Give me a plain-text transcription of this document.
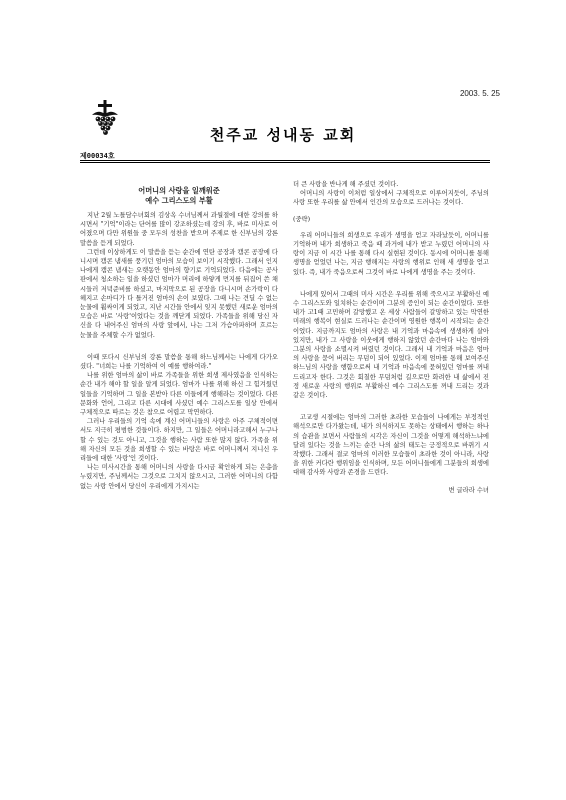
2003. 5. 25
천주교 성내동 교회
제00034호
어머니의 사랑을 일깨워준
예수 그리스도의 부활

지난 2월 노틀담수녀회의 김상옥 수녀님께서 과월절에 대한 강의를 하시면서 "기억"이라는 단어를 많이 강조하셨는데 강의 후, 바로 미사로 이어졌으며 다만 위원들 중 모두의 성찬을 받으며 주제로 한 신부님의 강론 말씀을 듣게 되었다.

그런데 이상하게도 이 말씀을 듣는 순간에 연탄 공장과 캠콘 공장에 다니시며 캠콘 냄새를 풍기던 엄마의 모습이 보이기 시작했다. 그래서 인지 나에게 캠콘 냄새는 오랫동안 엄마의 향기로 기억되었다. 다음에는 공사판에서 청소하는 일을 하셨던 엄마가 머리에 하얗게 먼지를 뒤집어 쓴 채 시들러 저녁준비를 하셨고, 마지막으로 된 공장을 다니시며 손가락이 다 헤지고 손마디가 다 틀거진 엄마의 손이 보였다. 그때 나는 견딜 수 없는 눈물에 휩싸이게 되었고, 지난 시간들 안에서 잊지 못했던 새로운 엄마의 모습은 바로 '사랑'이었다는 것을 깨닫게 되었다. 가족들을 위해 당신 자신을 다 내어주신 엄마의 사랑 앞에서, 나는 그저 가슴아파하며 흐르는 눈물을 주체할 수가 없었다.

이때 또다시 신부님의 강론 말씀을 통해 하느님께서는 나에게 다가오셨다. "너희는 나를 기억하여 이 예를 행하여라."

나를 위한 엄마의 삶이 바로 가족들을 위한 희생 제사였음을 인식하는 순간 내가 해야 할 일을 알게 되었다. 엄마가 나를 위해 하신 그 힘겨웠던 일들을 기억하며 그 일을 본받아 다른 이들에게 행해라는 것이었다. 다른 문화와 언어, 그리고 다른 시대에 사셨던 예수 그리스도를 일상 안에서 구체적으로 따르는 것은 참으로 어렵고 막연하다.

그러나 우리들의 기억 속에 계신 어머니들의 사랑은 아주 구체적이면서도 지극히 평범한 것들이다. 하지만, 그 일들은 어머니라고해서 누구나 할 수 있는 것도 아니고, 그것을 행하는 사람 또한 많지 않다. 가족을 위해 자신의 모든 것을 희생할 수 있는 바탕은 바로 어머니께서 지니신 우리들에 대한 '사랑'인 것이다.

나는 미사시간을 통해 어머니의 사랑을 다시금 확인하게 되는 은총을 누렸지만, 주님께서는 그것으로 그치지 않으시고, 그러한 어머니의 다함없는 사랑 안에서 당신이 우리에게 가지시는

더 큰 사랑을 반나게 해 주셨던 것이다.

어머니의 사랑이 이처럼 일상에서 구체적으로 이루어지듯이, 주님의 사랑 또한 우리를 삶 안에서 인간의 모습으로 드러나는 것이다.

(중략)

우리 어머니들의 희생으로 우리가 생명을 얻고 자라났듯이, 어머니를 기억하며 내가 희생하고 죽음 때 과거에 내가 받고 누렸던 어머니의 사랑이 지금 이 시간 나를 통해 다시 실현된 것이다. 동시에 어머니를 통해 생명을 얻었던 나는, 지금 행해지는 사랑의 행위로 인해 새 생명을 얻고 있다. 즉, 내가 죽음으로써 그것이 바로 나에게 생명을 주는 것이다.

나에게 있어서 그때의 미사 시간은 우리를 위해 죽으시고 부활하신 예수 그리스도와 일치하는 순간이며 그분의 증인이 되는 순간이었다. 또한 내가 고1때 고민하며 갈망했고 온 세상 사람들이 갈망하고 있는 막연한 미래의 행복이 현실로 드러나는 순간이며 영원한 행복이 시작되는 순간이었다. 지금까지도 엄마의 사랑은 내 기억과 마음속에 생생하게 살아 있지만, 내가 그 사랑을 이웃에게 행하지 않았던 순간마다 나는 엄마와 그분의 사랑을 소멸시켜 버렸던 것이다. 그래서 내 기억과 마음은 엄마의 사랑을 묻어 버리는 무덤이 되어 있었다. 이제 엄마를 통해 보여주신 하느님의 사랑을 행함으로써 내 기억과 마음속에 묻혀있던 엄마를 꺼내 드리고자 한다. 그것은 회칠한 무덤처럼 길으로만 화려한 내 삶에서 진정 새로운 사랑의 행위로 부활하신 예수 그리스도를 꺼내 드리는 것과 같은 것이다.

고교생 시절에는 엄마의 그러한 초라한 모습들이 나에게는 부정적인 해석으로만 다가왔는데, 내가 의식하지도 못하는 상태에서 행하는 하나의 습관을 보면서 사람들의 시각은 자신이 그것을 어떻게 해석하느냐에 달려 있다는 것을 느끼는 순간 나의 삶의 태도는 긍정적으로 바뀌기 시작했다. 그래서 결코 엄마의 이러한 모습들이 초라한 것이 아니라, 사랑을 위한 커다란 행위임을 인식하며, 모든 어머니들에게 그분들의 희생에 대해 감사와 사랑과 존경을 드린다.

변 글라라 수녀
